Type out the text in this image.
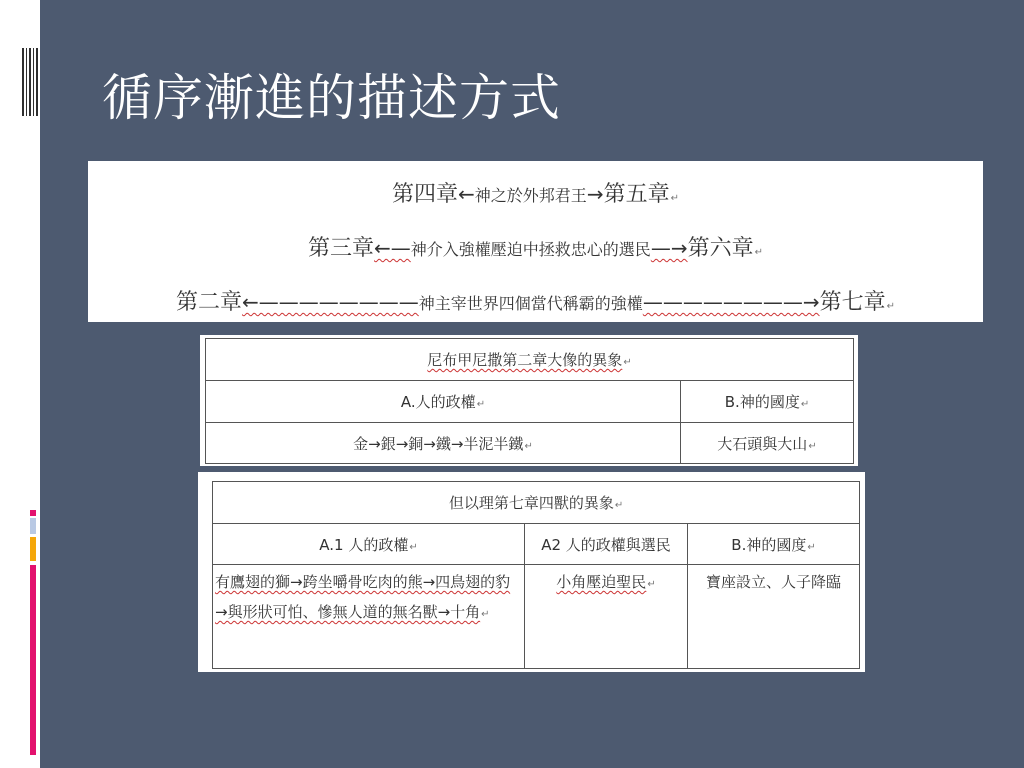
循序漸進的描述方式
第四章←神之於外邦君王→第五章↵
第三章←—神介入強權壓迫中拯救忠心的選民—→第六章↵
第二章←————————神主宰世界四個當代稱霸的強權————————→第七章↵
尼布甲尼撒第二章大像的異象↵	
A.人的政權↵	B.神的國度↵
金→銀→銅→鐵→半泥半鐵↵	大石頭與大山↵
但以理第七章四獸的異象↵		
A.1 人的政權↵	A2 人的政權與選民	B.神的國度↵
有鷹翅的獅→跨坐嚼骨吃肉的熊→四鳥翅的豹→與形狀可怕、慘無人道的無名獸→十角↵	小角壓迫聖民↵	寶座設立、人子降臨
